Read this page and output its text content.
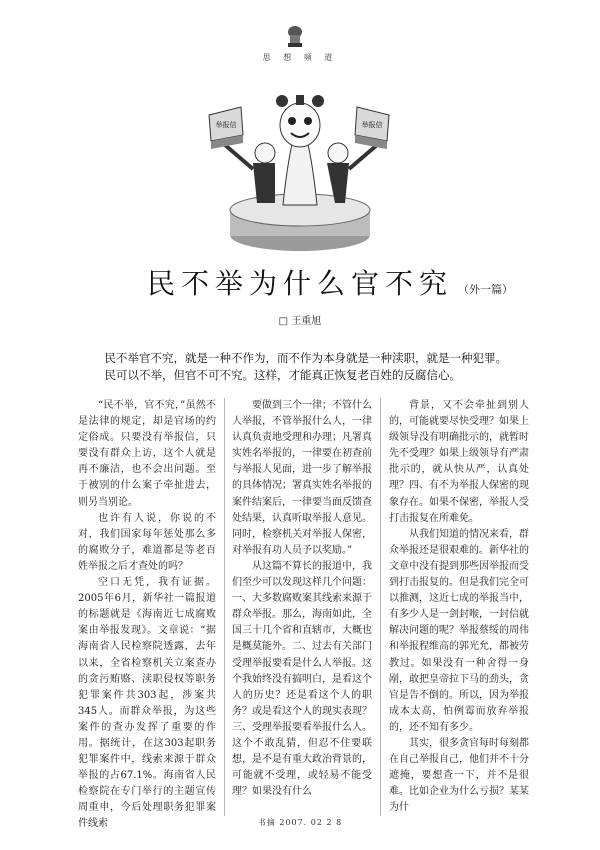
思 想 频 道
举报信	举报信
民不举为什么官不究 （外一篇）
□ 王重旭

民不举官不究，就是一种不作为，而不作为本身就是一种渎职，就是一种犯罪。

民可以不举，但官不可不究。这样，才能真正恢复老百姓的反腐信心。

“民不举，官不究，”虽然不是法律的规定，却是官场的约定俗成。只要没有举报信，只要没有群众上访，这个人就是再不廉洁，也不会出问题。至于被别的什么案子牵扯进去，则另当别论。

也许有人说，你说的不对，我们国家每年惩处那么多的腐败分子，难道都是等老百姓举报之后才查处的吗？

空口无凭，我有证据。2005年6月，新华社一篇报道的标题就是《海南近七成腐败案由举报发现》。文章说：“据海南省人民检察院透露，去年以来，全省检察机关立案查办的贪污贿赂、渎职侵权等职务犯罪案件共303起，涉案共345人。而群众举报，为这些案件的查办发挥了重要的作用。据统计，在这303起职务犯罪案件中，线索来源于群众举报的占67.1%。海南省人民检察院在专门举行的主题宣传周重申，今后处理职务犯罪案件线索

要做到三个一律；不管什么人举报，不管举报什么人，一律认真负责地受理和办理；凡署真实姓名举报的，一律要在初查前与举报人见面，进一步了解举报的具体情况；署真实姓名举报的案件结案后，一律要当面反馈查处结果，认真听取举报人意见。同时，检察机关对举报人保密，对举报有功人员予以奖励。”

从这篇不算长的报道中，我们至少可以发现这样几个问题：一、大多数腐败案其线索来源于群众举报。那么，海南如此，全国三十几个省和直辖市，大概也是概莫能外。二、过去有关部门受理举报要看是什么人举报。这个我始终没有搞明白，是看这个人的历史？还是看这个人的职务？或是看这个人的现实表现？三、受理举报要看举报什么人。这个不敢乱猜，但忍不住要联想，是不是有重大政治背景的，可能就不受理，或轻易不能受理？如果没有什么

背景，又不会牵扯到别人的，可能就要尽快受理？如果上级领导没有明确批示的，就暂时先不受理？如果上级领导有严肃批示的，就从快从严，认真处理？四、有不为举报人保密的现象存在。如果不保密，举报人受打击报复在所难免。

从我们知道的情况来看，群众举报还是很艰难的。新华社的文章中没有提到那些因举报而受到打击报复的。但是我们完全可以推测，这近七成的举报当中，有多少人是一剑封喉，一封信就解决问题的呢？举报蔡绥的周伟和举报程维高的郭光允，都被劳教过。如果没有一种舍得一身剐，敢把皇帝拉下马的劲头，贪官是告不倒的。所以，因为举报成本太高，怕例霉而放弃举报的，还不知有多少。

其实，很多贪官每时每刻都在自己举报自己，他们并不十分遮掩，要想查一下，并不是很难。比如企业为什么亏损？某某为什

书摘 2007. 02 2 8
